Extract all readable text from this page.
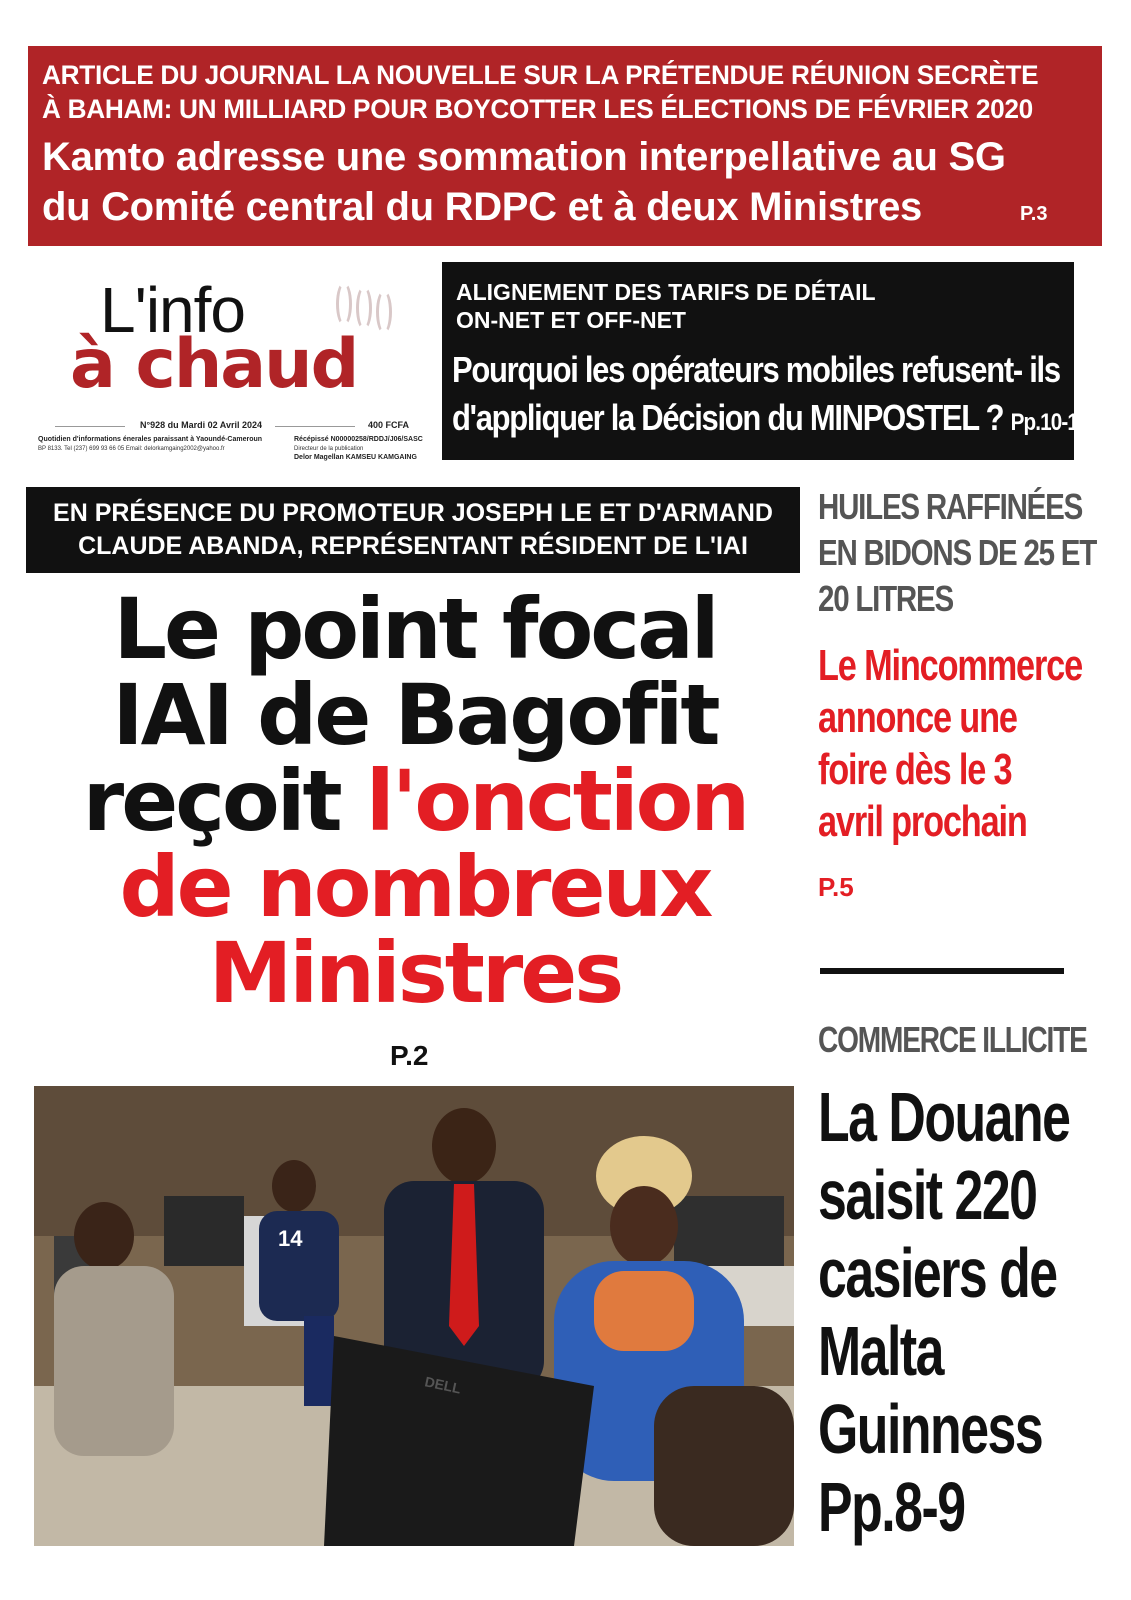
ARTICLE DU JOURNAL LA NOUVELLE SUR LA PRÉTENDUE RÉUNION SECRÈTE
À BAHAM: UN MILLIARD POUR BOYCOTTER LES ÉLECTIONS DE FÉVRIER 2020
Kamto adresse une sommation interpellative au SG
du Comité central du RDPC et à deux Ministres	P.3
L'info
à chaud
N°928 du Mardi 02 Avril 2024	400 FCFA
Quotidien d'informations énerales paraissant à Yaoundé-Cameroun
BP 8133. Tel (237) 699 93 66 05 Email: delorkamgaing2002@yahoo.fr
Récépissé N00000258/RDDJ/J06/SASC
Directeur de la publication
Delor Magellan KAMSEU KAMGAING
ALIGNEMENT DES TARIFS DE DÉTAIL
ON-NET ET OFF-NET
Pourquoi les opérateurs mobiles refusent- ils
d'appliquer la Décision du MINPOSTEL ? Pp.10-11
EN PRÉSENCE DU PROMOTEUR JOSEPH LE ET D'ARMAND
CLAUDE ABANDA, REPRÉSENTANT RÉSIDENT DE L'IAI
Le point focal
IAI de Bagofit
reçoit l'onction
de nombreux
Ministres
P.2
14
DELL
HUILES RAFFINÉES
EN BIDONS DE 25 ET
20 LITRES
Le Mincommerce
annonce une
foire dès le 3
avril prochain
P.5
COMMERCE ILLICITE
La Douane
saisit 220
casiers de
Malta
Guinness
Pp.8-9
